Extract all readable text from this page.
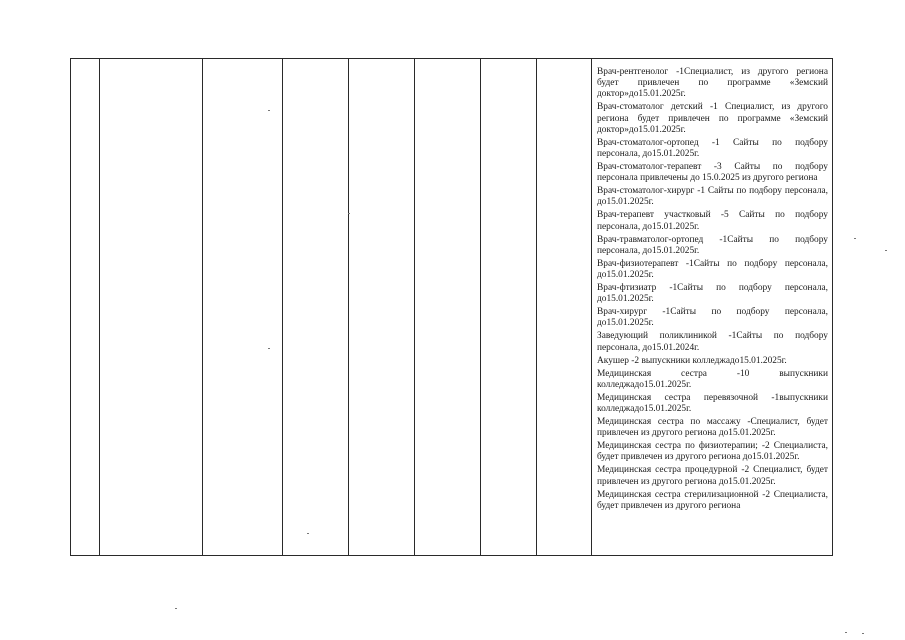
Врач-рентгенолог -1Специалист, из другого региона будет привлечен по программе «Земский доктор»до15.01.2025г.
Врач-стоматолог детский -1 Специалист, из другого региона будет привлечен по программе «Земский доктор»до15.01.2025г.
Врач-стоматолог-ортопед -1 Сайты по подбору персонала, до15.01.2025г.
Врач-стоматолог-терапевт -3 Сайты по подбору персонала привлечены до 15.0.2025 из другого региона
Врач-стоматолог-хирург -1 Сайты по подбору персонала, до15.01.2025г.
Врач-терапевт участковый -5 Сайты по подбору персонала, до15.01.2025г.
Врач-травматолог-ортопед -1Сайты по подбору персонала, до15.01.2025г.
Врач-физиотерапевт -1Сайты по подбору персонала, до15.01.2025г.
Врач-фтизиатр -1Сайты по подбору персонала, до15.01.2025г.
Врач-хирург -1Сайты по подбору персонала, до15.01.2025г.
Заведующий поликлиникой -1Сайты по подбору персонала, до15.01.2024г.
Акушер -2 выпускники колледжадо15.01.2025г.
Медицинская сестра -10 выпускники колледжадо15.01.2025г.
Медицинская сестра перевязочной -1выпускники колледжадо15.01.2025г.
Медицинская сестра по массажу -Специалист, будет привлечен из другого региона до15.01.2025г.
Медицинская сестра по физиотерапии; -2 Специалиста, будет привлечен из другого региона до15.01.2025г.
Медицинская сестра процедурной -2 Специалист, будет привлечен из другого региона до15.01.2025г.
Медицинская сестра стерилизационной -2 Специалиста, будет привлечен из другого региона
